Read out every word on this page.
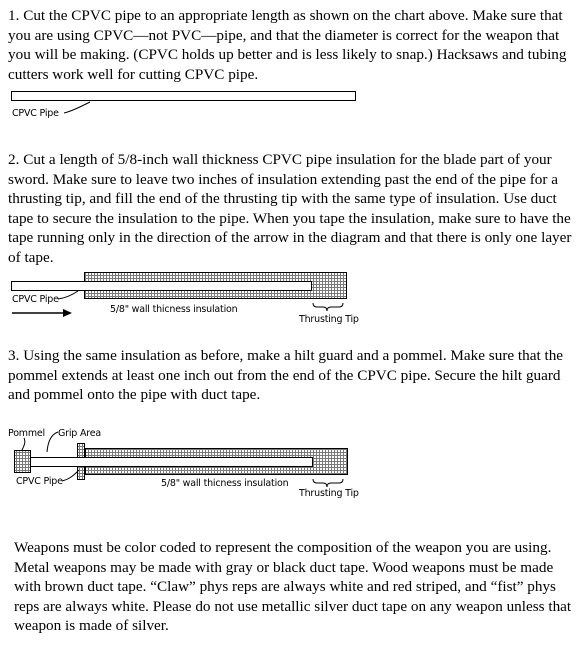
1. Cut the CPVC pipe to an appropriate length as shown on the chart above. Make sure that you are using CPVC—not PVC—pipe, and that the diameter is correct for the weapon that you will be making. (CPVC holds up better and is less likely to snap.) Hacksaws and tubing cutters work well for cutting CPVC pipe.

CPVC Pipe

2. Cut a length of 5/8-inch wall thickness CPVC pipe insulation for the blade part of your sword. Make sure to leave two inches of insulation extending past the end of the pipe for a thrusting tip, and fill the end of the thrusting tip with the same type of insulation. Use duct tape to secure the insulation to the pipe. When you tape the insulation, make sure to have the tape running only in the direction of the arrow in the diagram and that there is only one layer of tape.

CPVC Pipe
5/8" wall thicness insulation
Thrusting Tip

3. Using the same insulation as before, make a hilt guard and a pommel. Make sure that the pommel extends at least one inch out from the end of the CPVC pipe. Secure the hilt guard and pommel onto the pipe with duct tape.

Pommel Grip Area
CPVC Pipe	5/8" wall thicness insulation
Thrusting Tip

Weapons must be color coded to represent the composition of the weapon you are using. Metal weapons may be made with gray or black duct tape. Wood weapons must be made with brown duct tape. “Claw” phys reps are always white and red striped, and “fist” phys reps are always white. Please do not use metallic silver duct tape on any weapon unless that weapon is made of silver.
